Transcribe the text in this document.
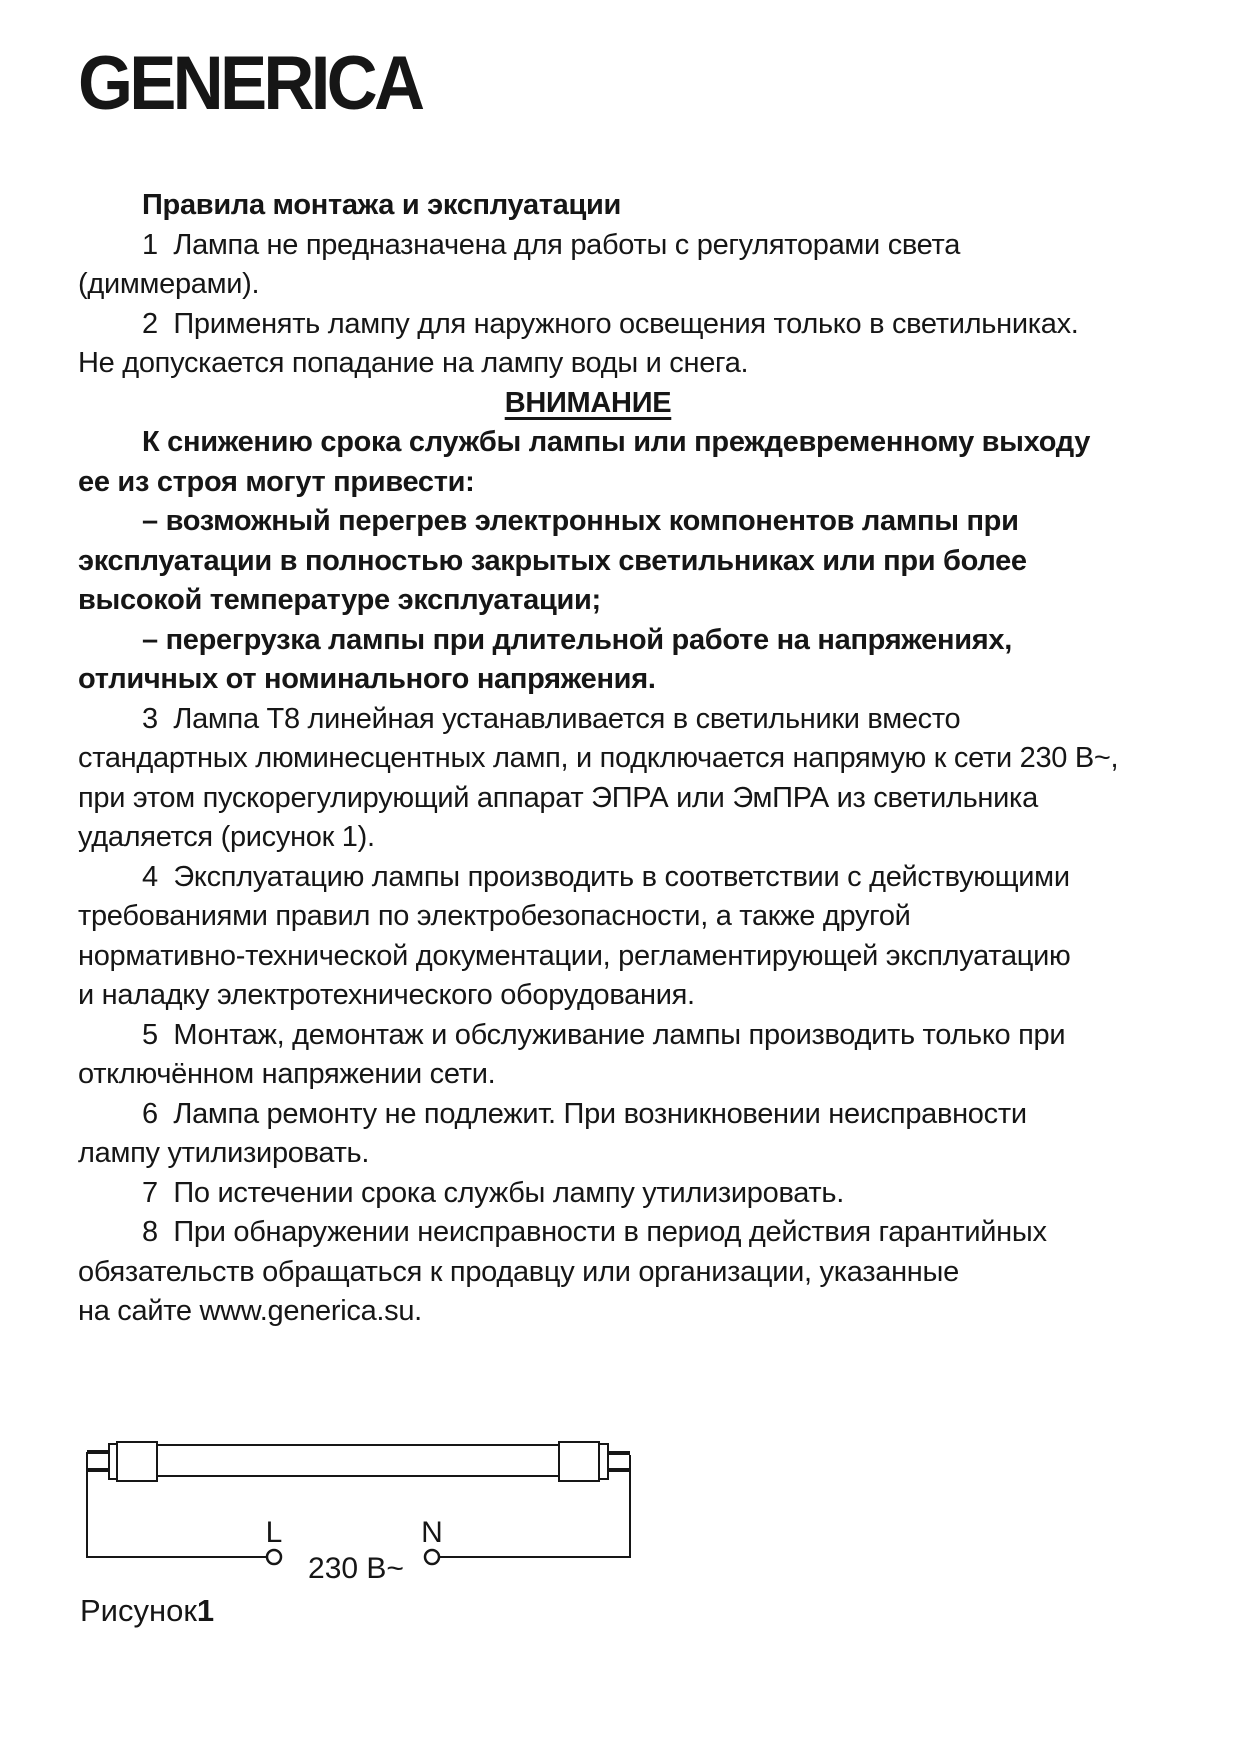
GENERICA
Правила монтажа и эксплуатации
1  Лампа не предназначена для работы с регуляторами света
(диммерами).
2  Применять лампу для наружного освещения только в светильниках.
Не допускается попадание на лампу воды и снега.
ВНИМАНИЕ
К снижению срока службы лампы или преждевременному выходу
ее из строя могут привести:
– возможный перегрев электронных компонентов лампы при
эксплуатации в полностью закрытых светильниках или при более
высокой температуре эксплуатации;
– перегрузка лампы при длительной работе на напряжениях,
отличных от номинального напряжения.
3  Лампа Т8 линейная устанавливается в светильники вместо
стандартных люминесцентных ламп, и подключается напрямую к сети 230 В~,
при этом пускорегулирующий аппарат ЭПРА или ЭмПРА из светильника
удаляется (рисунок 1).
4  Эксплуатацию лампы производить в соответствии с действующими
требованиями правил по электробезопасности, а также другой
нормативно-технической документации, регламентирующей эксплуатацию
и наладку электротехнического оборудования.
5  Монтаж, демонтаж и обслуживание лампы производить только при
отключённом напряжении сети.
6  Лампа ремонту не подлежит. При возникновении неисправности
лампу утилизировать.
7  По истечении срока службы лампу утилизировать.
8  При обнаружении неисправности в период действия гарантийных
обязательств обращаться к продавцу или организации, указанные
на сайте www.generica.su.
L	N
230 В~
Рисунок1
